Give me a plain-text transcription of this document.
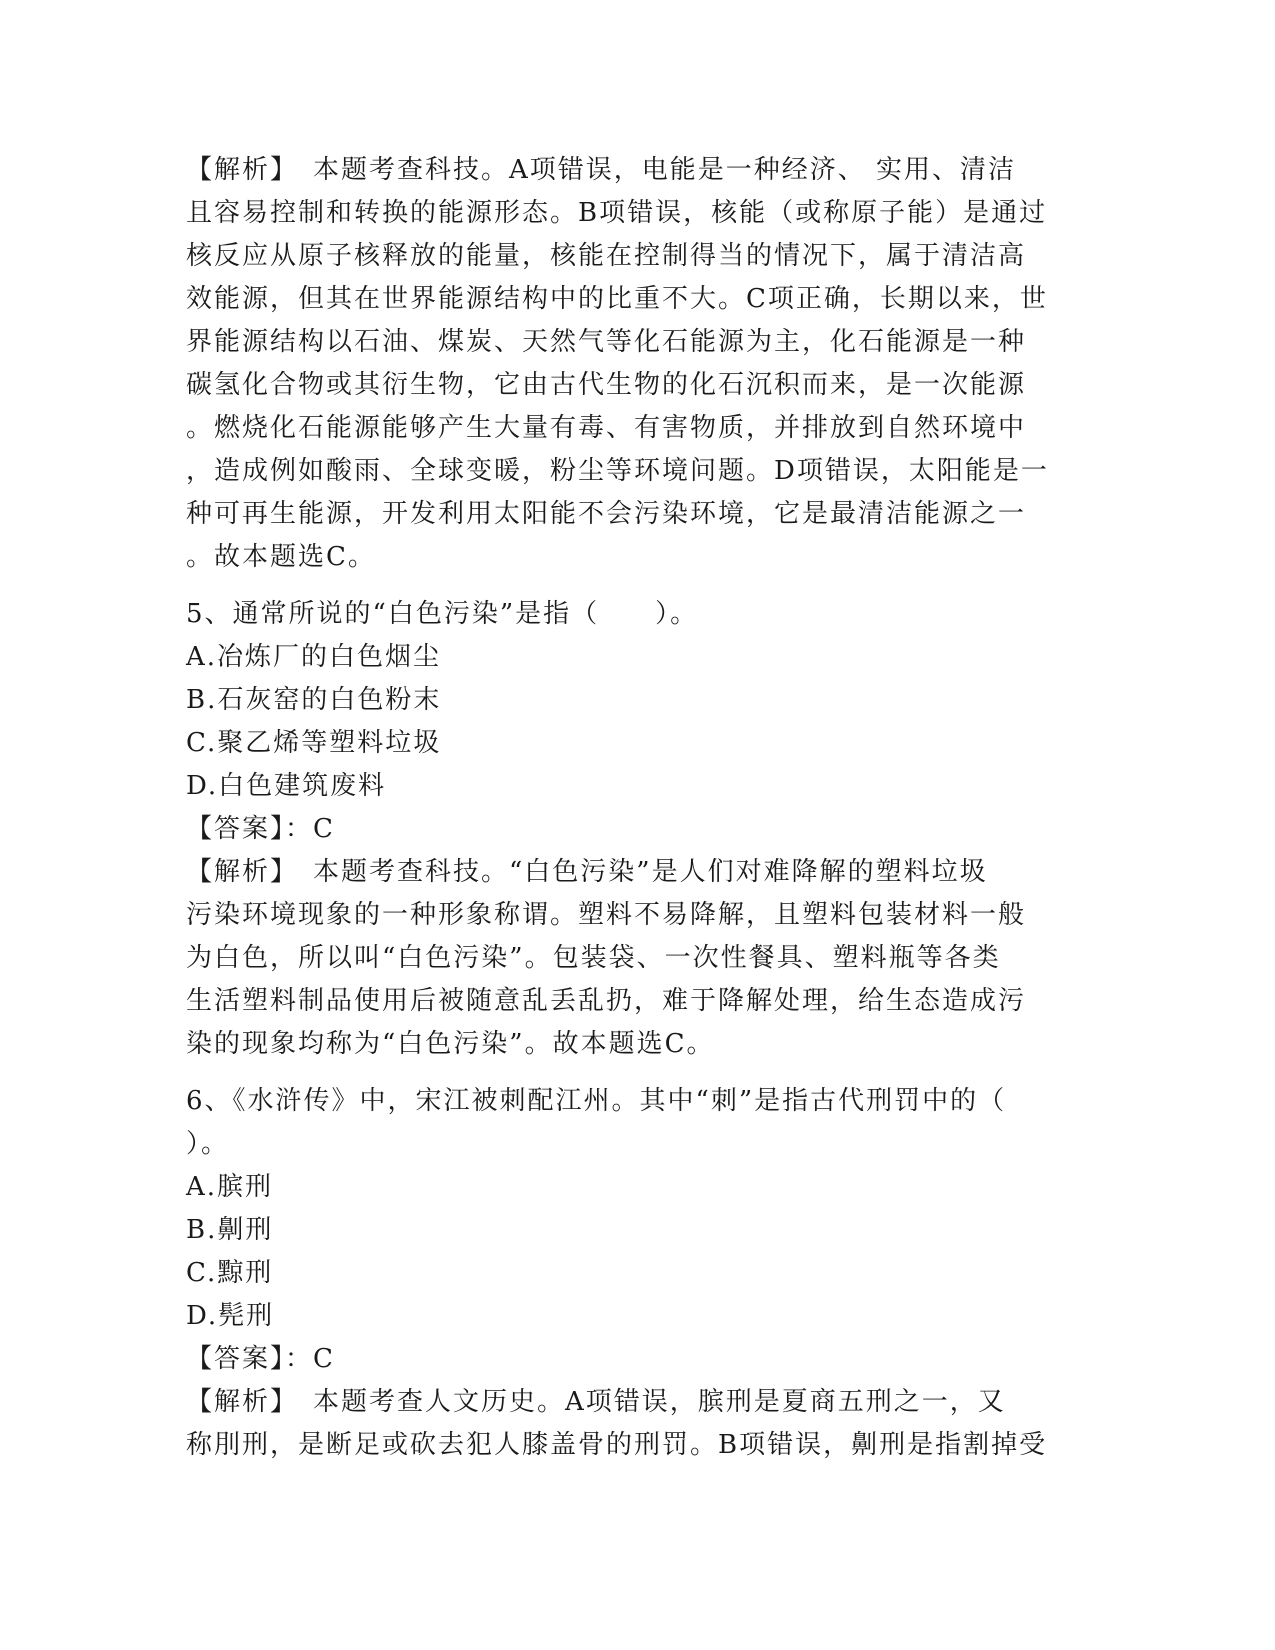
【解析】　本题考查科技。A项错误，电能是一种经济、 实用、清洁
且容易控制和转换的能源形态。B项错误，核能（或称原子能）是通过
核反应从原子核释放的能量，核能在控制得当的情况下，属于清洁高
效能源，但其在世界能源结构中的比重不大。C项正确，长期以来，世
界能源结构以石油、煤炭、天然气等化石能源为主，化石能源是一种
碳氢化合物或其衍生物，它由古代生物的化石沉积而来，是一次能源
。燃烧化石能源能够产生大量有毒、有害物质，并排放到自然环境中
，造成例如酸雨、全球变暖，粉尘等环境问题。D项错误，太阳能是一
种可再生能源，开发利用太阳能不会污染环境，它是最清洁能源之一
。故本题选C。
5、通常所说的“白色污染”是指（　　）。
A.冶炼厂的白色烟尘
B.石灰窑的白色粉末
C.聚乙烯等塑料垃圾
D.白色建筑废料
【答案】：C
【解析】　本题考查科技。“白色污染”是人们对难降解的塑料垃圾
污染环境现象的一种形象称谓。塑料不易降解，且塑料包装材料一般
为白色，所以叫“白色污染”。包装袋、一次性餐具、塑料瓶等各类
生活塑料制品使用后被随意乱丢乱扔，难于降解处理，给生态造成污
染的现象均称为“白色污染”。故本题选C。
6、《水浒传》中，宋江被刺配江州。其中“刺”是指古代刑罚中的（
）。
A.膑刑
B.劓刑
C.黥刑
D.髡刑
【答案】：C
【解析】　本题考查人文历史。A项错误，膑刑是夏商五刑之一，又
称刖刑，是断足或砍去犯人膝盖骨的刑罚。B项错误，劓刑是指割掉受
